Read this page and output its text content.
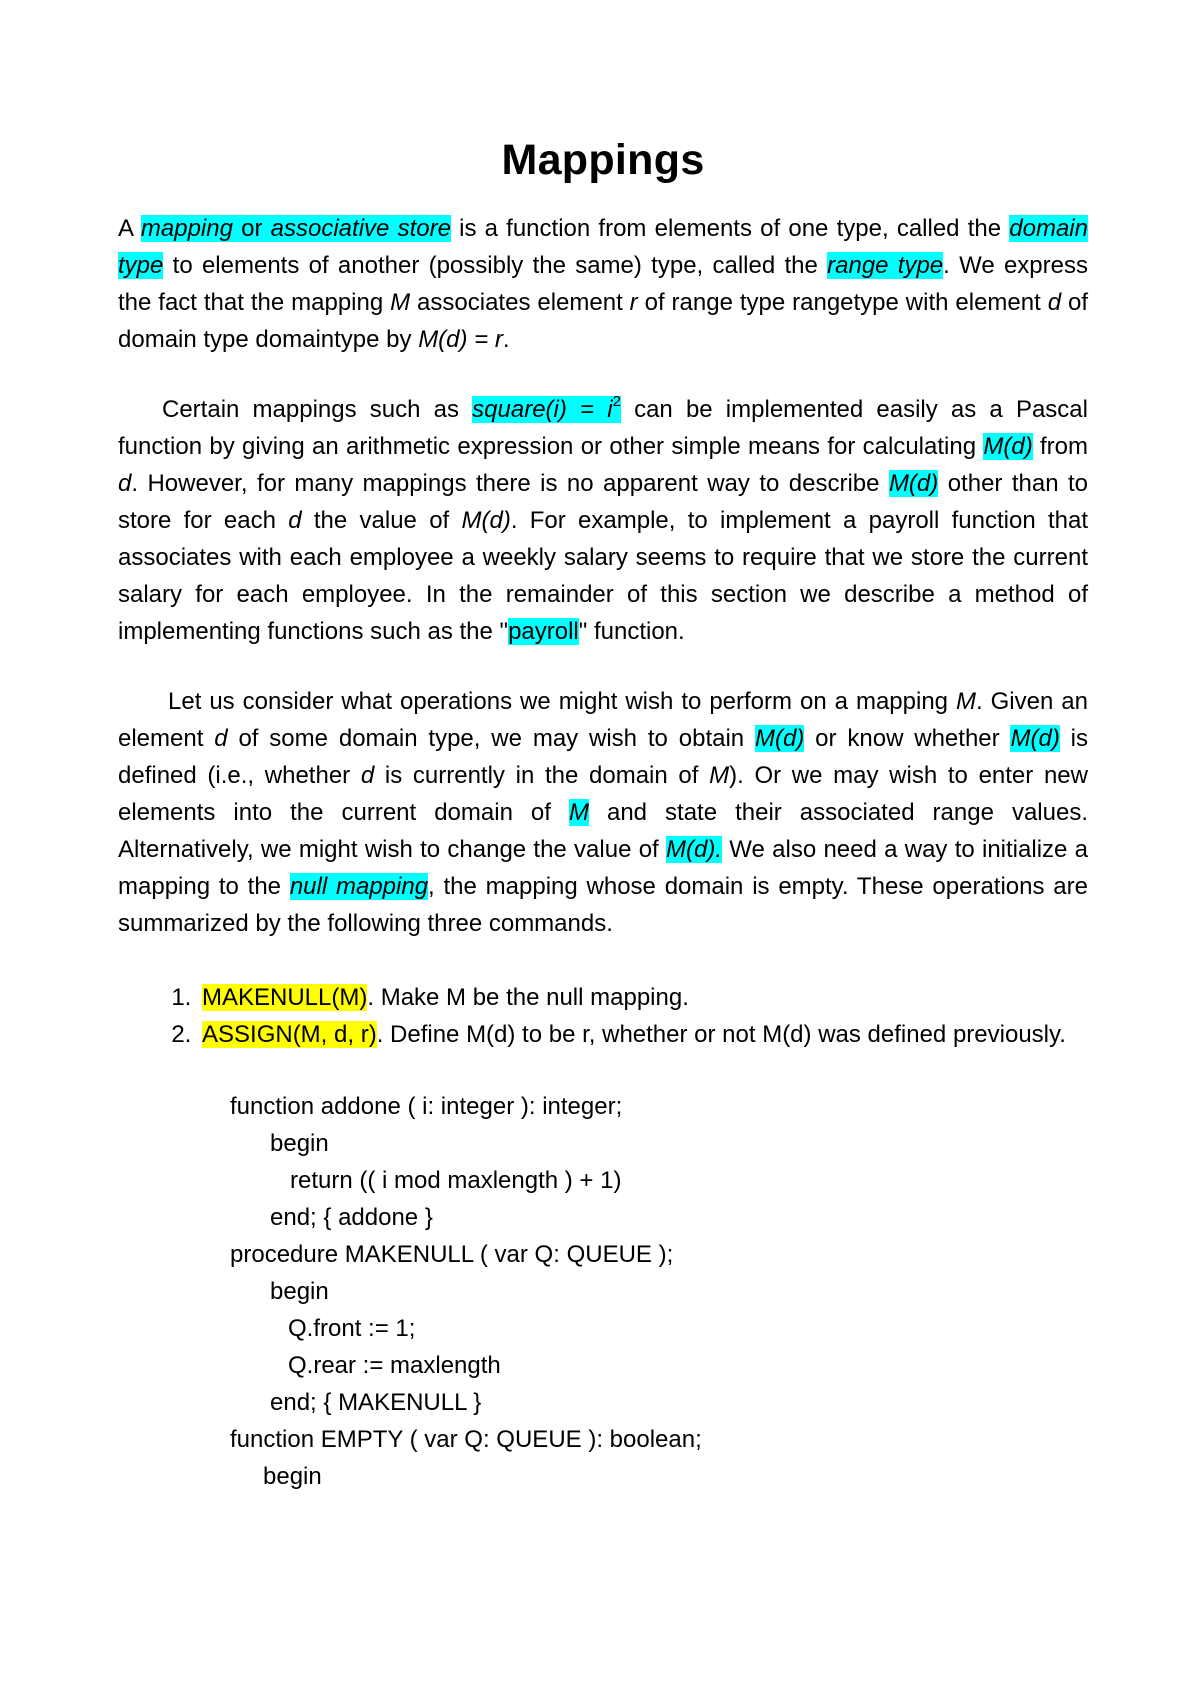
Mappings

A mapping or associative store is a function from elements of one type, called the domain type to elements of another (possibly the same) type, called the range type. We express the fact that the mapping M associates element r of range type rangetype with element d of domain type domaintype by M(d) = r.

Certain mappings such as square(i) = $i^2$ can be implemented easily as a Pascal function by giving an arithmetic expression or other simple means for calculating M(d) from d. However, for many mappings there is no apparent way to describe M(d) other than to store for each d the value of M(d). For example, to implement a payroll function that associates with each employee a weekly salary seems to require that we store the current salary for each employee. In the remainder of this section we describe a method of implementing functions such as the "payroll" function.

Let us consider what operations we might wish to perform on a mapping M. Given an element d of some domain type, we may wish to obtain M(d) or know whether M(d) is defined (i.e., whether d is currently in the domain of M). Or we may wish to enter new elements into the current domain of M and state their associated range values. Alternatively, we might wish to change the value of M(d). We also need a way to initialize a mapping to the null mapping, the mapping whose domain is empty. These operations are summarized by the following three commands.

1. MAKENULL(M). Make M be the null mapping.
2. ASSIGN(M, d, r). Define M(d) to be r, whether or not M(d) was defined previously.
function addone ( i: integer ): integer;
begin
return (( i mod maxlength ) + 1)
end; { addone }
procedure MAKENULL ( var Q: QUEUE );
begin
Q.front := 1;
Q.rear := maxlength
end; { MAKENULL }
function EMPTY ( var Q: QUEUE ): boolean;
begin
